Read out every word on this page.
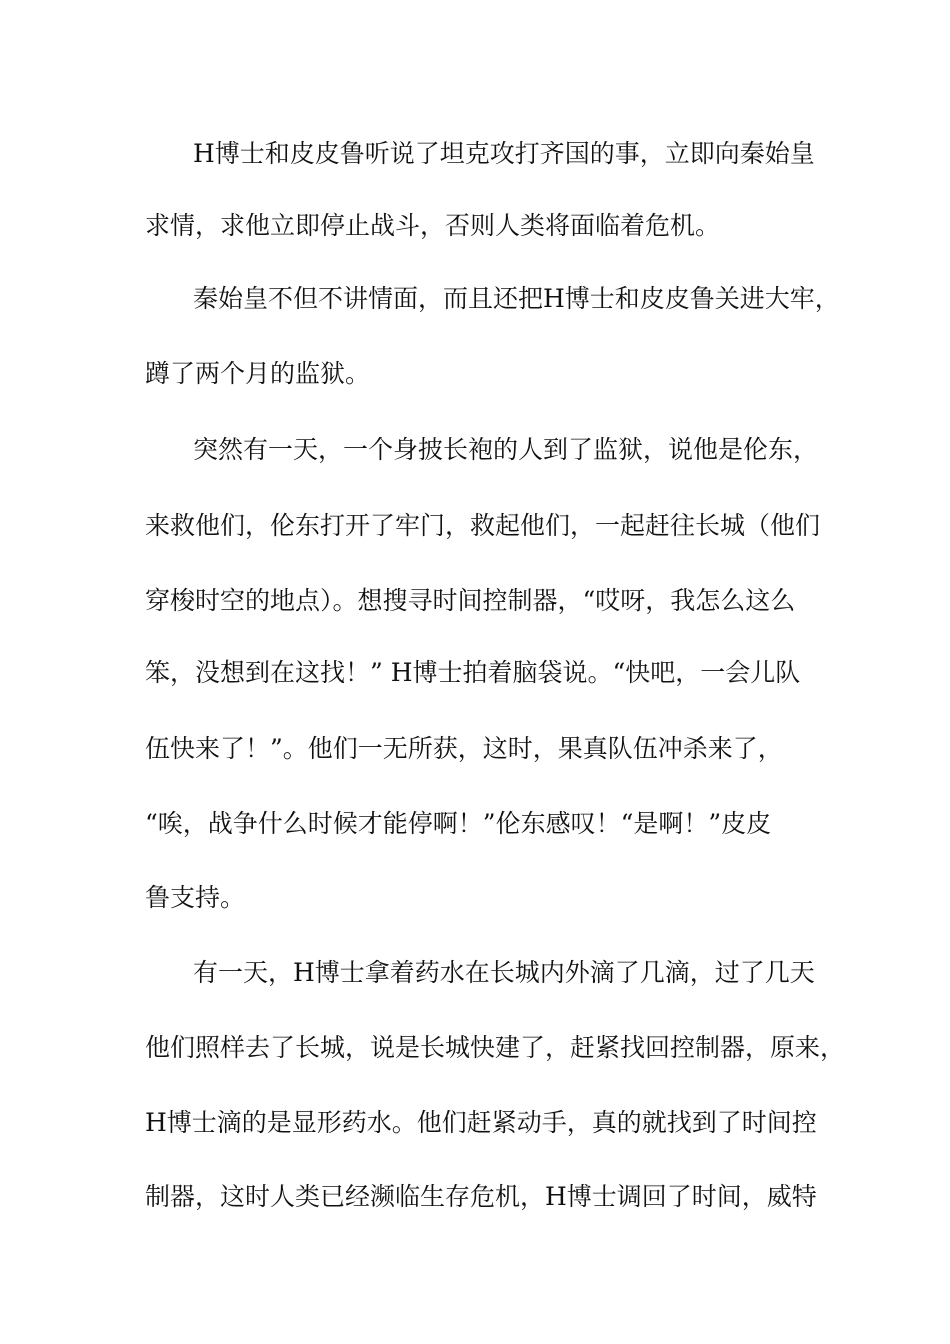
H博士和皮皮鲁听说了坦克攻打齐国的事，立即向秦始皇
求情，求他立即停止战斗，否则人类将面临着危机。
秦始皇不但不讲情面，而且还把H博士和皮皮鲁关进大牢，
蹲了两个月的监狱。
突然有一天，一个身披长袍的人到了监狱，说他是伦东，
来救他们，伦东打开了牢门，救起他们，一起赶往长城（他们
穿梭时空的地点）。想搜寻时间控制器，“哎呀，我怎么这么
笨，没想到在这找！” H博士拍着脑袋说。“快吧，一会儿队
伍快来了！”。他们一无所获，这时，果真队伍冲杀来了，
“唉，战争什么时候才能停啊！”伦东感叹！“是啊！”皮皮
鲁支持。
有一天，H博士拿着药水在长城内外滴了几滴，过了几天
他们照样去了长城，说是长城快建了，赶紧找回控制器，原来，
H博士滴的是显形药水。他们赶紧动手，真的就找到了时间控
制器，这时人类已经濒临生存危机，H博士调回了时间，威特
